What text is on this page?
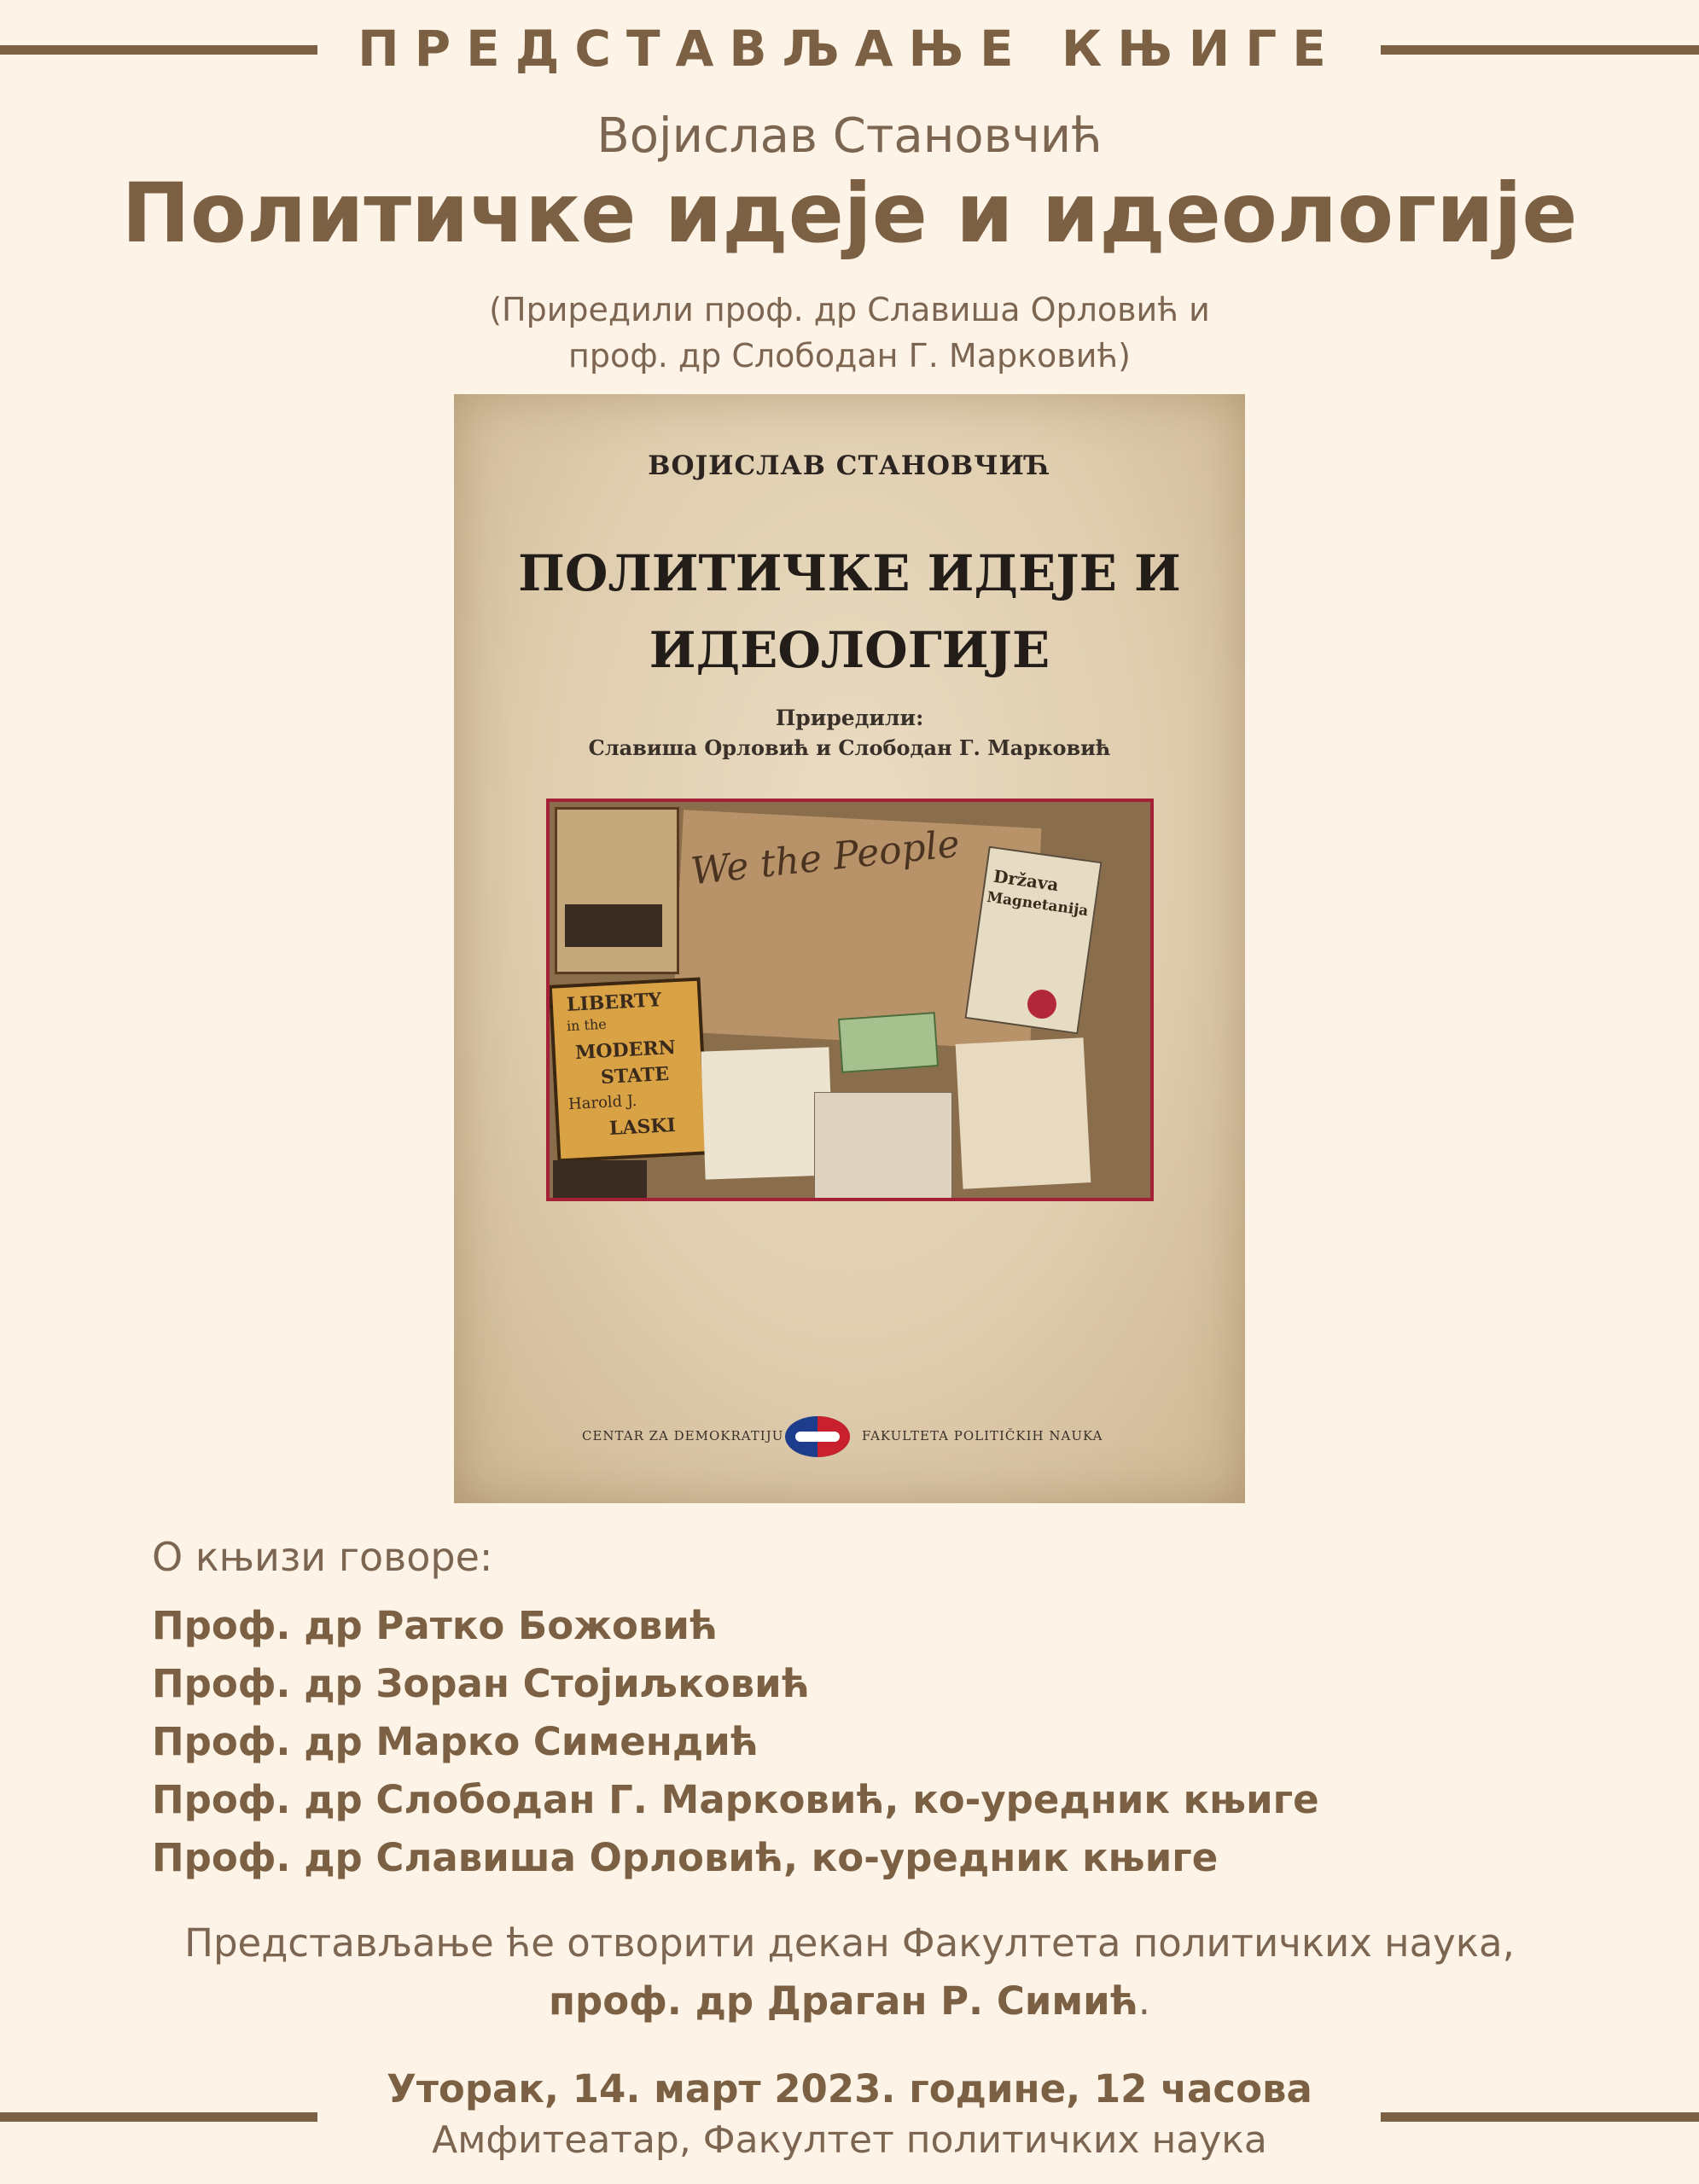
ПРЕДСТАВЉАЊЕ КЊИГЕ
Војислав Становчић
Политичке идеје и идеологије
(Приредили проф. др Славиша Орловић и
проф. др Слободан Г. Марковић)
ВОЈИСЛАВ СТАНОВЧИЋ
ПОЛИТИЧКЕ ИДЕЈЕ И
ИДЕОЛОГИЈЕ
Приредили:
Славиша Орловић и Слободан Г. Марковић
We the People
LIBERTY
in the
MODERN
STATE
Harold J.
LASKI
Država
Magnetanija
CENTAR ZA DEMOKRATIJU	FAKULTETA POLITIČKIH NAUKA
О књизи говоре:
Проф. др Ратко Божовић
Проф. др Зоран Стојиљковић
Проф. др Марко Симендић
Проф. др Слободан Г. Марковић, ко-уредник књиге
Проф. др Славиша Орловић, ко-уредник књиге
Представљање ће отворити декан Факултета политичких наука,
проф. др Драган Р. Симић.
Уторак, 14. март 2023. године, 12 часова
Амфитеатар, Факултет политичких наука
